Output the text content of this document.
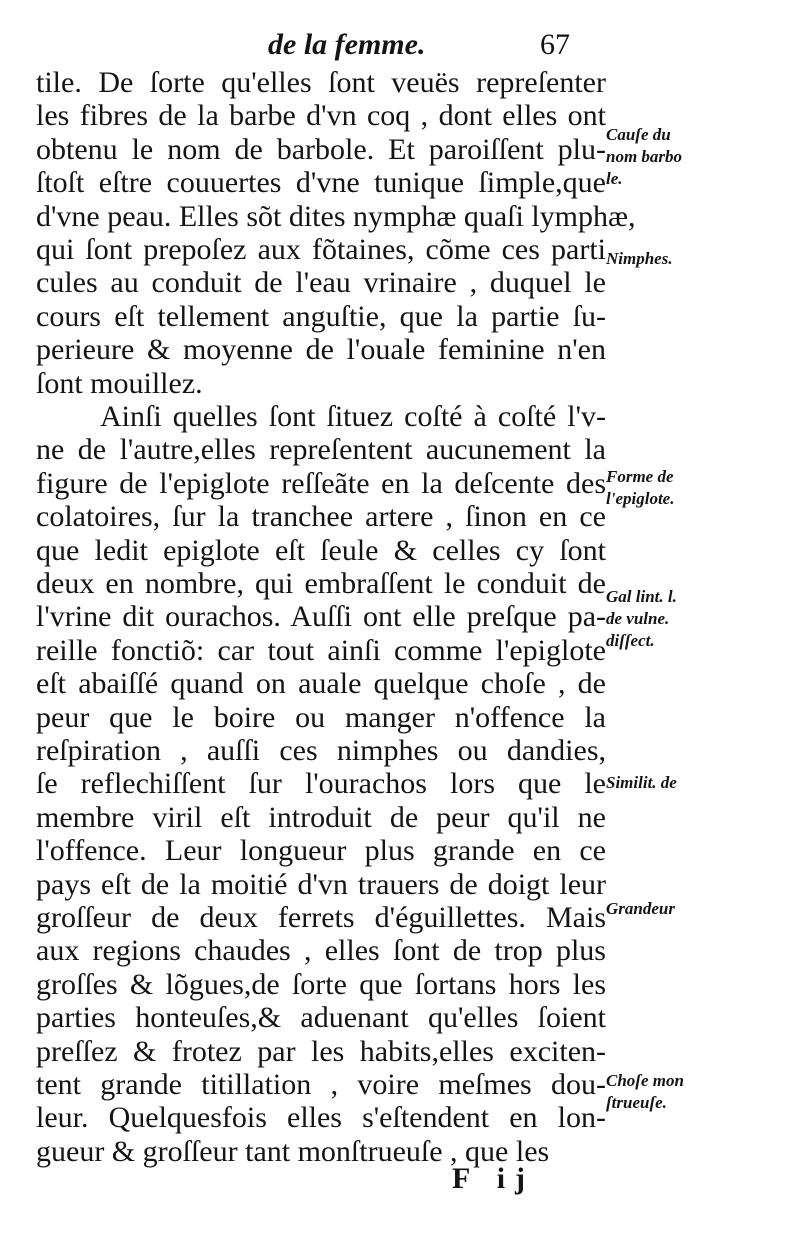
de la femme.	67
tile. De ſorte qu'elles ſont veuës repreſenter
les fibres de la barbe d'vn coq , dont elles ont
obtenu le nom de barbole. Et paroiſſent plu-
ſtoſt eſtre couuertes d'vne tunique ſimple,que
d'vne peau. Elles sõt dites nymphæ quaſi lymphæ,
qui ſont prepoſez aux fõtaines, cõme ces parti
cules au conduit de l'eau vrinaire , duquel le
cours eſt tellement anguſtie, que la partie ſu-
perieure & moyenne de l'ouale feminine n'en
ſont mouillez.
Ainſi quelles ſont ſituez coſté à coſté l'v-
ne de l'autre,elles repreſentent aucunement la
figure de l'epiglote reſſeãte en la deſcente des
colatoires, ſur la tranchee artere , ſinon en ce
que ledit epiglote eſt ſeule & celles cy ſont
deux en nombre, qui embraſſent le conduit de
l'vrine dit ourachos. Auſſi ont elle preſque pa-
reille fonctiõ: car tout ainſi comme l'epiglote
eſt abaiſſé quand on auale quelque choſe , de
peur que le boire ou manger n'offence la
reſpiration , auſſi ces nimphes ou dandies,
ſe reflechiſſent ſur l'ourachos lors que le
membre viril eſt introduit de peur qu'il ne
l'offence. Leur longueur plus grande en ce
pays eſt de la moitié d'vn trauers de doigt leur
groſſeur de deux ferrets d'éguillettes. Mais
aux regions chaudes , elles ſont de trop plus
groſſes & lõgues,de ſorte que ſortans hors les
parties honteuſes,& aduenant qu'elles ſoient
preſſez & frotez par les habits,elles exciten-
tent grande titillation , voire meſmes dou-
leur. Quelquesfois elles s'eſtendent en lon-
gueur & groſſeur tant monſtrueuſe , que les
Cauſe du
nom barbo
le.
Nimphes.
Forme de
l'epiglote.
Gal lint. l.
de vulne.
diſſect.
Similit. de
Grandeur
Choſe mon
ſtrueuſe.
F ij
